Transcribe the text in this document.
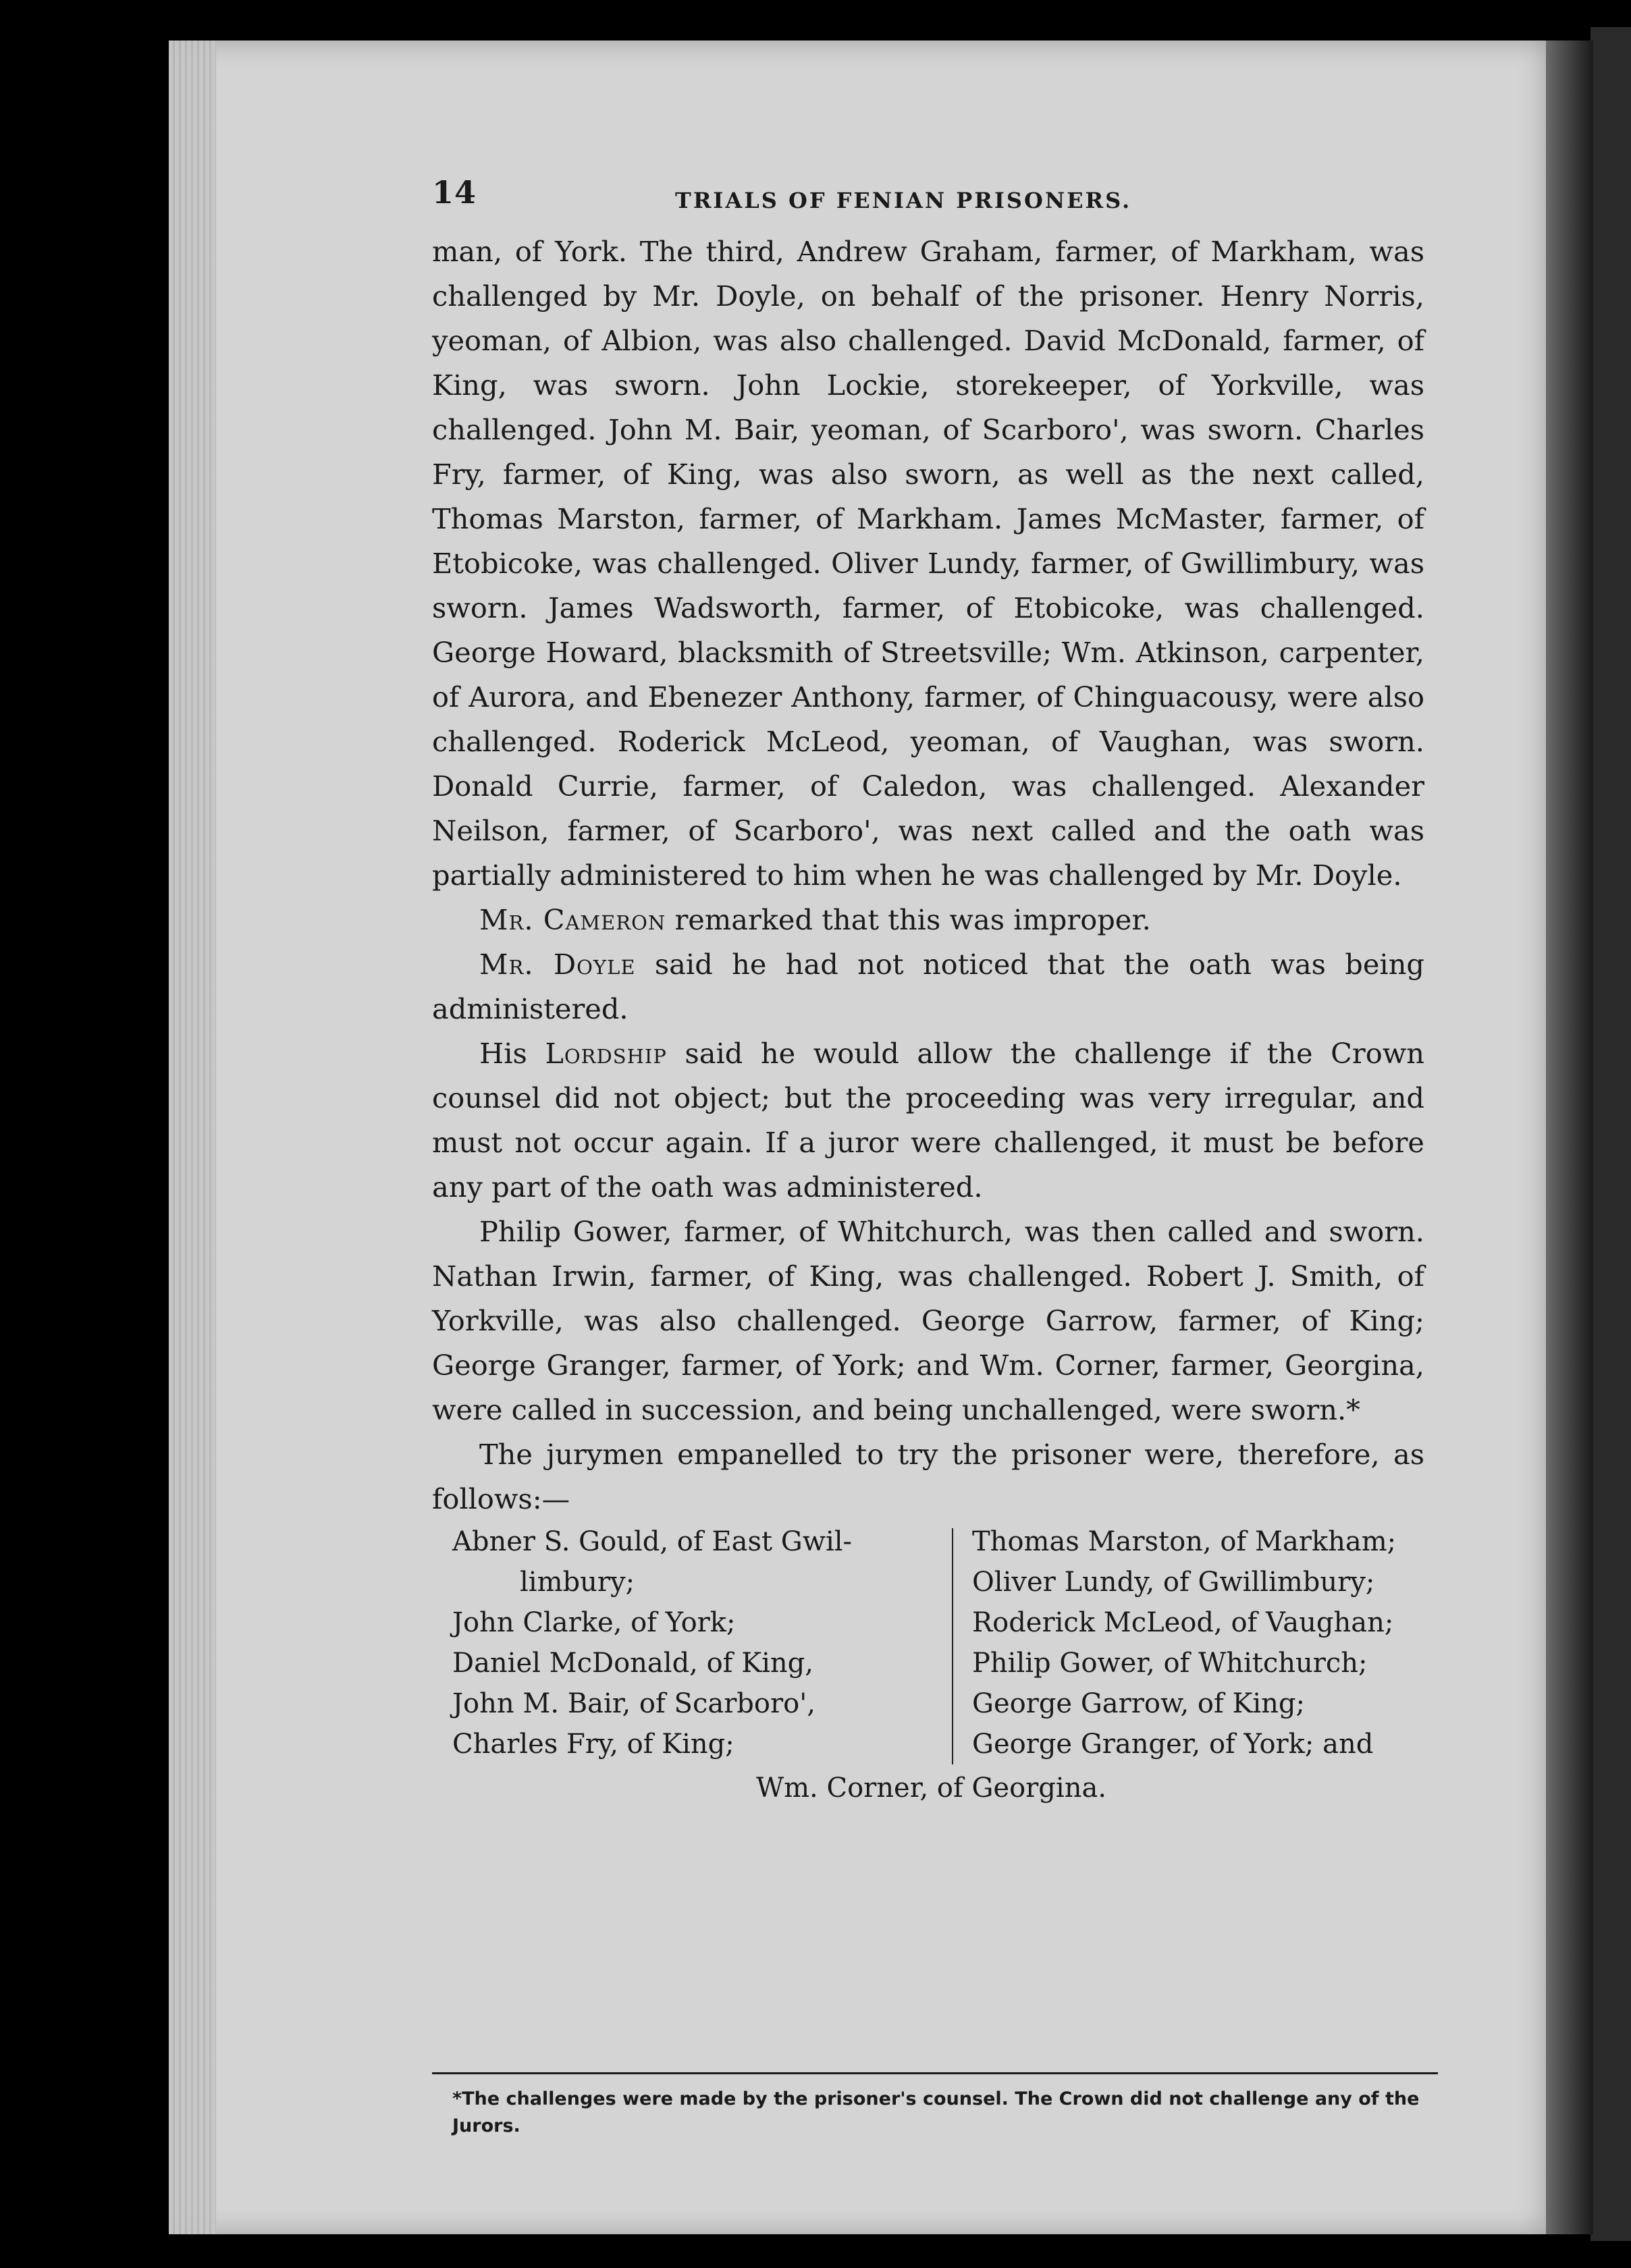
14	TRIALS OF FENIAN PRISONERS.

man, of York. The third, Andrew Graham, farmer, of Markham, was challenged by Mr. Doyle, on behalf of the prisoner. Henry Norris, yeoman, of Albion, was also challenged. David McDonald, farmer, of King, was sworn. John Lockie, storekeeper, of Yorkville, was challenged. John M. Bair, yeoman, of Scarboro', was sworn. Charles Fry, farmer, of King, was also sworn, as well as the next called, Thomas Marston, farmer, of Markham. James McMaster, farmer, of Etobicoke, was challenged. Oliver Lundy, farmer, of Gwillimbury, was sworn. James Wadsworth, farmer, of Etobicoke, was challenged. George Howard, blacksmith of Streetsville; Wm. Atkinson, carpenter, of Aurora, and Ebenezer Anthony, farmer, of Chinguacousy, were also challenged. Roderick McLeod, yeoman, of Vaughan, was sworn. Donald Currie, farmer, of Caledon, was challenged. Alexander Neilson, farmer, of Scarboro', was next called and the oath was partially administered to him when he was challenged by Mr. Doyle.

Mr. Cameron remarked that this was improper.

Mr. Doyle said he had not noticed that the oath was being administered.

His Lordship said he would allow the challenge if the Crown counsel did not object; but the proceeding was very irregular, and must not occur again. If a juror were challenged, it must be before any part of the oath was administered.

Philip Gower, farmer, of Whitchurch, was then called and sworn. Nathan Irwin, farmer, of King, was challenged. Robert J. Smith, of Yorkville, was also challenged. George Garrow, farmer, of King; George Granger, farmer, of York; and Wm. Corner, farmer, Georgina, were called in succession, and being unchallenged, were sworn.*

The jurymen empanelled to try the prisoner were, therefore, as follows:—

Abner S. Gould, of East Gwil-
limbury;
John Clarke, of York;
Daniel McDonald, of King,
John M. Bair, of Scarboro',
Charles Fry, of King;
Thomas Marston, of Markham;
Oliver Lundy, of Gwillimbury;
Roderick McLeod, of Vaughan;
Philip Gower, of Whitchurch;
George Garrow, of King;
George Granger, of York; and
Wm. Corner, of Georgina.
*The challenges were made by the prisoner's counsel. The Crown did not challenge any of the Jurors.
